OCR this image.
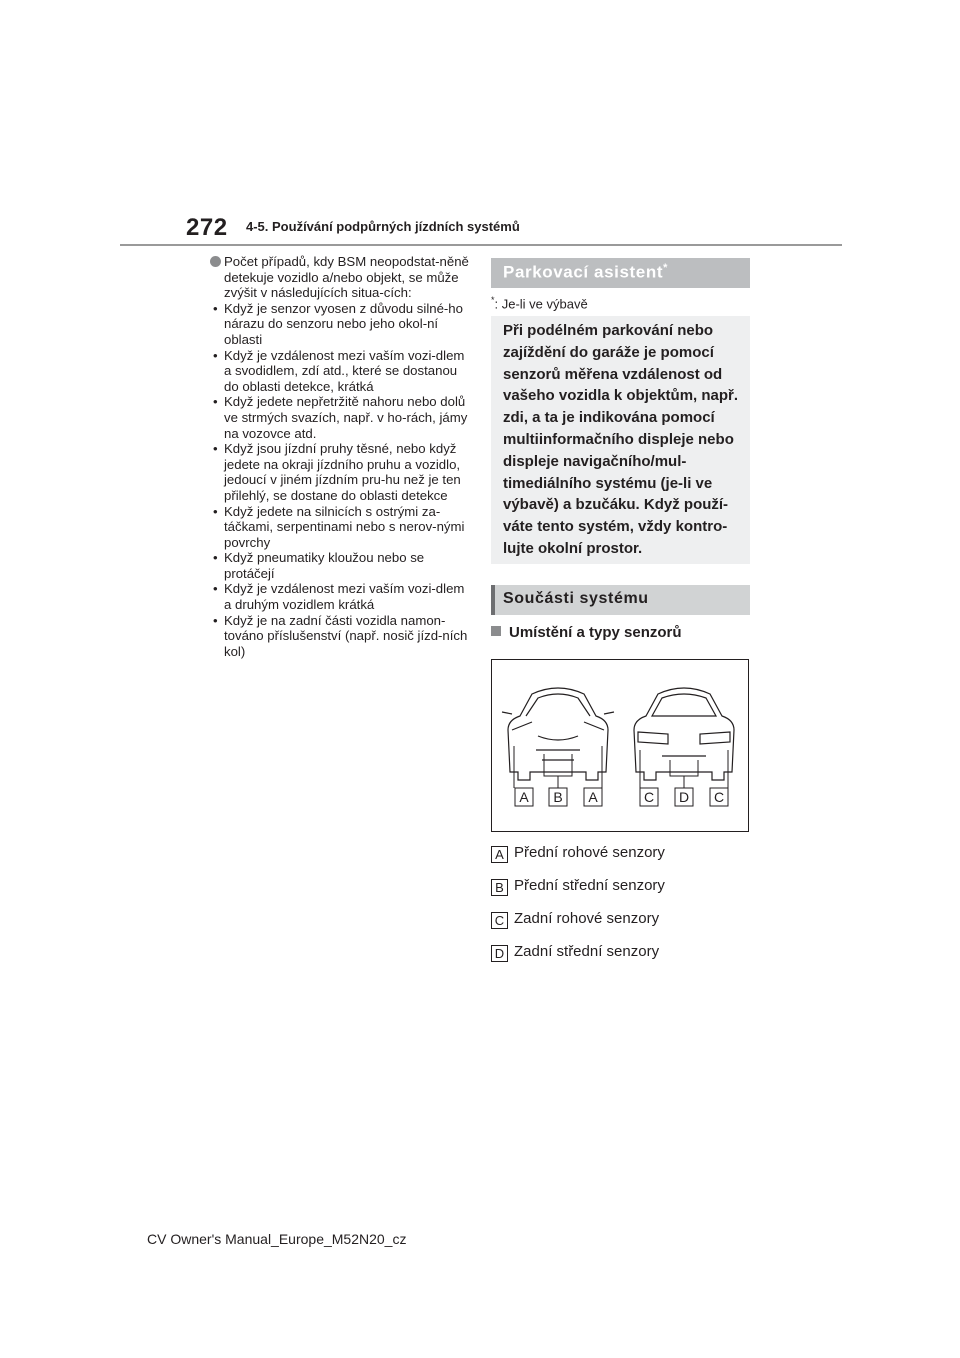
272 4-5. Používání podpůrných jízdních systémů
Počet případů, kdy BSM neopodstat-něně detekuje vozidlo a/nebo objekt, se může zvýšit v následujících situa-cích:
• Když je senzor vyosen z důvodu silné-ho nárazu do senzoru nebo jeho okol-ní oblasti
• Když je vzdálenost mezi vaším vozi-dlem a svodidlem, zdí atd., které se dostanou do oblasti detekce, krátká
• Když jedete nepřetržitě nahoru nebo dolů ve strmých svazích, např. v ho-rách, jámy na vozovce atd.
• Když jsou jízdní pruhy těsné, nebo když jedete na okraji jízdního pruhu a vozidlo, jedoucí v jiném jízdním pru-hu než je ten přilehlý, se dostane do oblasti detekce
• Když jedete na silnicích s ostrými za-táčkami, serpentinami nebo s nerov-nými povrchy
• Když pneumatiky kloužou nebo se protáčejí
• Když je vzdálenost mezi vaším vozi-dlem a druhým vozidlem krátká
• Když je na zadní části vozidla namon-továno příslušenství (např. nosič jízd-ních kol)
Parkovací asistent*
*: Je-li ve výbavě
Při podélném parkování nebo zajíždění do garáže je pomocí senzorů měřena vzdálenost od vašeho vozidla k objektům, např. zdi, a ta je indikována pomocí multiinformačního displeje nebo displeje navigačního/mul-timediálního systému (je-li ve výbavě) a bzučáku. Když použí-váte tento systém, vždy kontro-lujte okolní prostor.
Součásti systému
Umístění a typy senzorů
A B A	C D C
A Přední rohové senzory
B Přední střední senzory
C Zadní rohové senzory
D Zadní střední senzory
CV Owner's Manual_Europe_M52N20_cz
